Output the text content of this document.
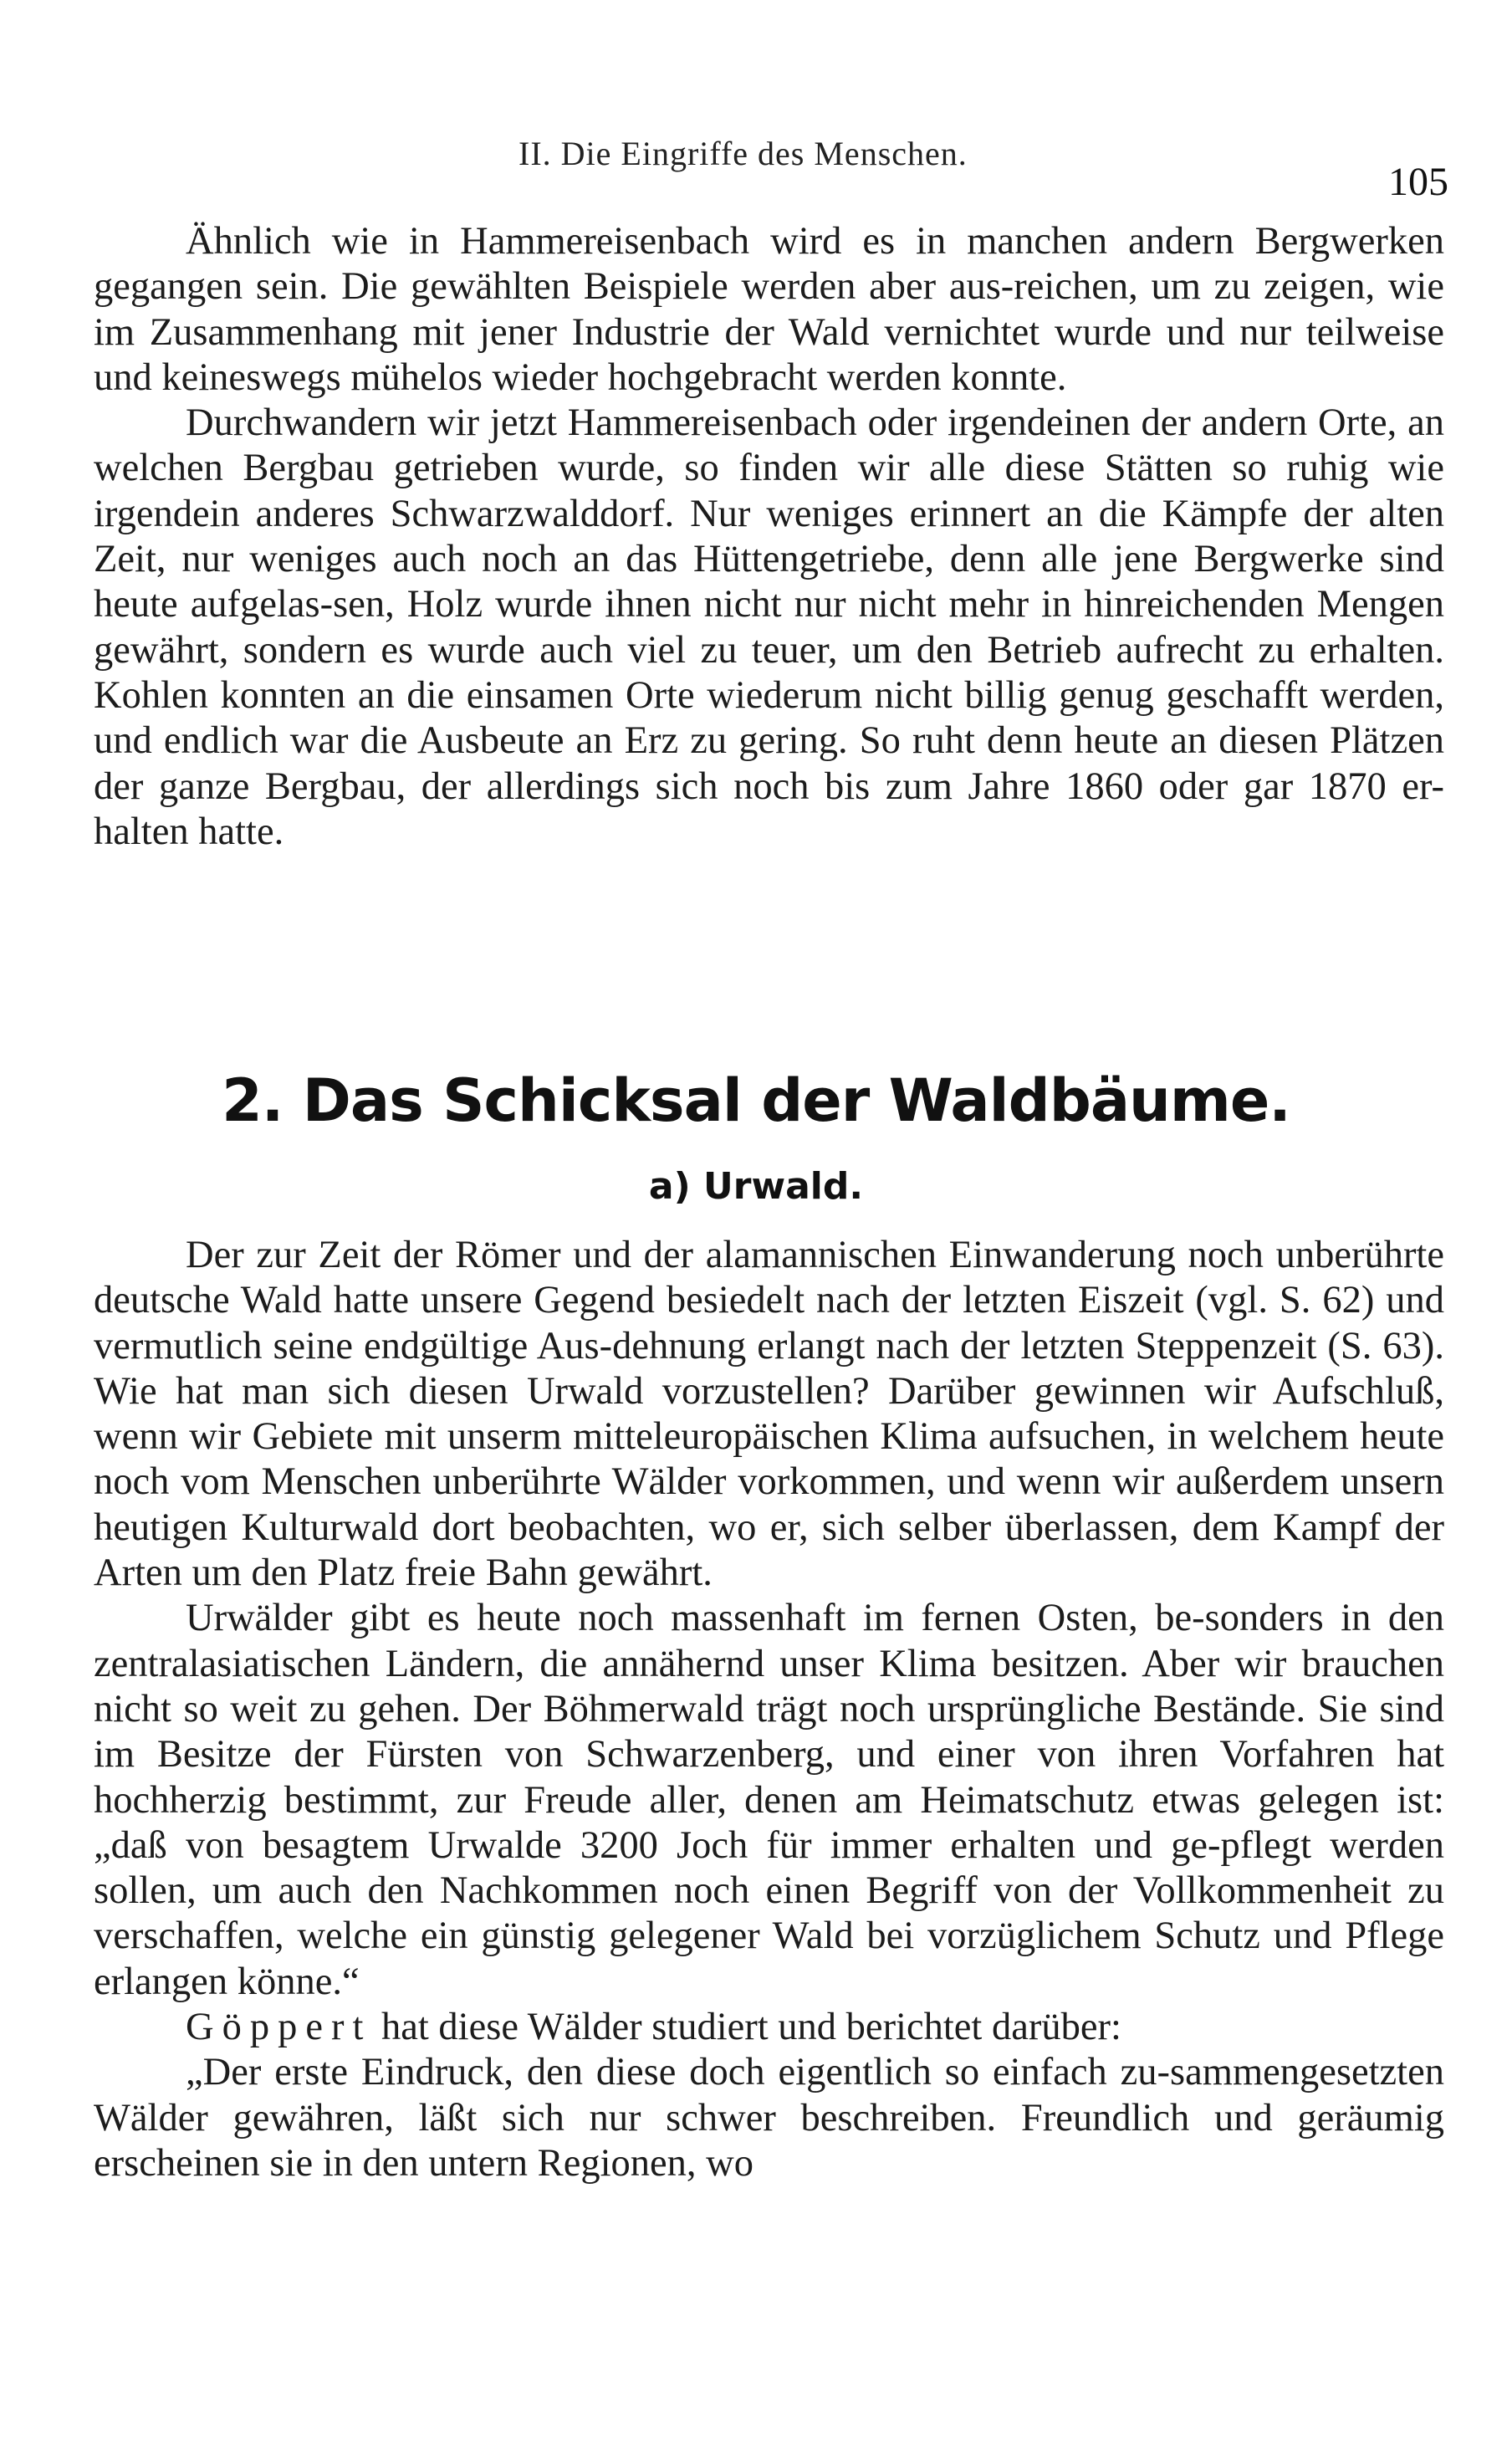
II. Die Eingriffe des Menschen.
105

Ähnlich wie in Hammereisenbach wird es in manchen andern Bergwerken gegangen sein. Die gewählten Beispiele werden aber aus-reichen, um zu zeigen, wie im Zusammenhang mit jener Industrie der Wald vernichtet wurde und nur teilweise und keineswegs mühelos wieder hochgebracht werden konnte.

Durchwandern wir jetzt Hammereisenbach oder irgendeinen der andern Orte, an welchen Bergbau getrieben wurde, so finden wir alle diese Stätten so ruhig wie irgendein anderes Schwarzwalddorf. Nur weniges erinnert an die Kämpfe der alten Zeit, nur weniges auch noch an das Hüttengetriebe, denn alle jene Bergwerke sind heute aufgelas-sen, Holz wurde ihnen nicht nur nicht mehr in hinreichenden Mengen gewährt, sondern es wurde auch viel zu teuer, um den Betrieb aufrecht zu erhalten. Kohlen konnten an die einsamen Orte wiederum nicht billig genug geschafft werden, und endlich war die Ausbeute an Erz zu gering. So ruht denn heute an diesen Plätzen der ganze Bergbau, der allerdings sich noch bis zum Jahre 1860 oder gar 1870 er-halten hatte.

2. Das Schicksal der Waldbäume.
a) Urwald.

Der zur Zeit der Römer und der alamannischen Einwanderung noch unberührte deutsche Wald hatte unsere Gegend besiedelt nach der letzten Eiszeit (vgl. S. 62) und vermutlich seine endgültige Aus-dehnung erlangt nach der letzten Steppenzeit (S. 63). Wie hat man sich diesen Urwald vorzustellen? Darüber gewinnen wir Aufschluß, wenn wir Gebiete mit unserm mitteleuropäischen Klima aufsuchen, in welchem heute noch vom Menschen unberührte Wälder vorkommen, und wenn wir außerdem unsern heutigen Kulturwald dort beobachten, wo er, sich selber überlassen, dem Kampf der Arten um den Platz freie Bahn gewährt.

Urwälder gibt es heute noch massenhaft im fernen Osten, be-sonders in den zentralasiatischen Ländern, die annähernd unser Klima besitzen. Aber wir brauchen nicht so weit zu gehen. Der Böhmerwald trägt noch ursprüngliche Bestände. Sie sind im Besitze der Fürsten von Schwarzenberg, und einer von ihren Vorfahren hat hochherzig bestimmt, zur Freude aller, denen am Heimatschutz etwas gelegen ist: „daß von besagtem Urwalde 3200 Joch für immer erhalten und ge-pflegt werden sollen, um auch den Nachkommen noch einen Begriff von der Vollkommenheit zu verschaffen, welche ein günstig gelegener Wald bei vorzüglichem Schutz und Pflege erlangen könne.“

Göppert hat diese Wälder studiert und berichtet darüber:

„Der erste Eindruck, den diese doch eigentlich so einfach zu-sammengesetzten Wälder gewähren, läßt sich nur schwer beschreiben. Freundlich und geräumig erscheinen sie in den untern Regionen, wo
